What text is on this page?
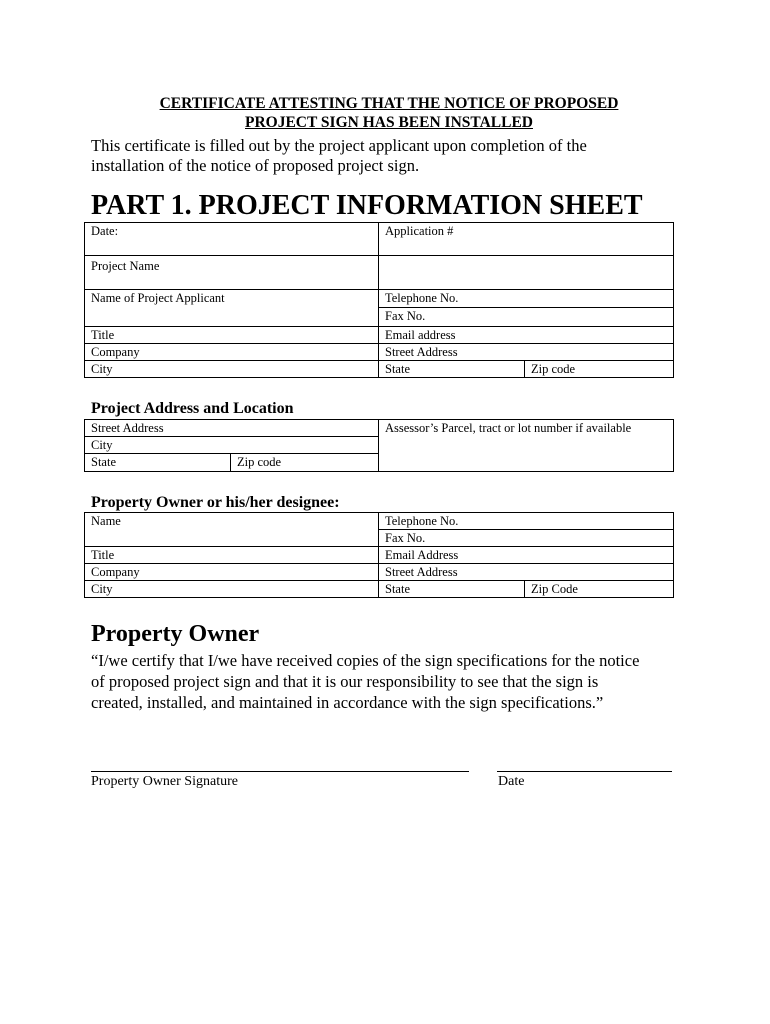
CERTIFICATE ATTESTING THAT THE NOTICE OF PROPOSED
PROJECT SIGN HAS BEEN INSTALLED
This certificate is filled out by the project applicant upon completion of the
installation of the notice of proposed project sign.
PART 1. PROJECT INFORMATION SHEET
Date:	Application #	
Project Name		
Name of Project Applicant	Telephone No.	
	Fax No.	
Title	Email address	
Company	Street Address	
City	State	Zip code
Project Address and Location
Street Address		Assessor’s Parcel, tract or lot number if available
City		
State	Zip code	
Property Owner or his/her designee:
Name	Telephone No.	
	Fax No.	
Title	Email Address	
Company	Street Address	
City	State	Zip Code
Property Owner
“I/we certify that I/we have received copies of the sign specifications for the notice
of proposed project sign and that it is our responsibility to see that the sign is
created, installed, and maintained in accordance with the sign specifications.”
Property Owner Signature	Date
